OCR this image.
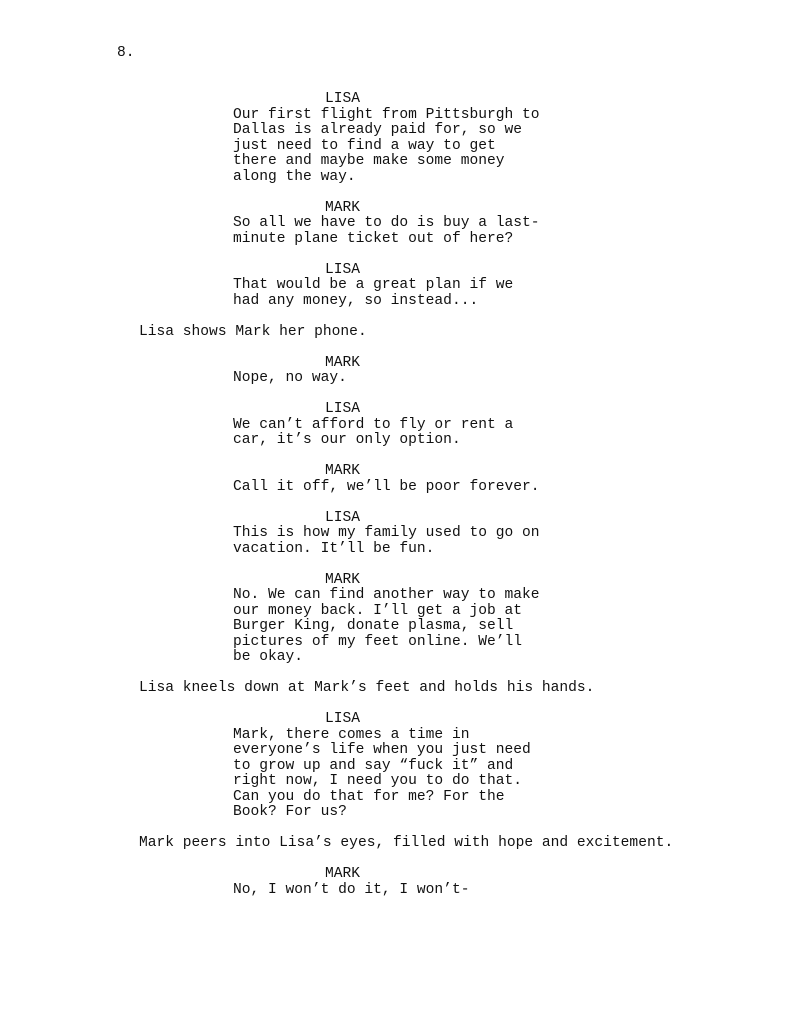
8.
LISA
Our first flight from Pittsburgh to
Dallas is already paid for, so we
just need to find a way to get
there and maybe make some money
along the way.
MARK
So all we have to do is buy a last-
minute plane ticket out of here?
LISA
That would be a great plan if we
had any money, so instead...
Lisa shows Mark her phone.
MARK
Nope, no way.
LISA
We can’t afford to fly or rent a
car, it’s our only option.
MARK
Call it off, we’ll be poor forever.
LISA
This is how my family used to go on
vacation. It’ll be fun.
MARK
No. We can find another way to make
our money back. I’ll get a job at
Burger King, donate plasma, sell
pictures of my feet online. We’ll
be okay.
Lisa kneels down at Mark’s feet and holds his hands.
LISA
Mark, there comes a time in
everyone’s life when you just need
to grow up and say “fuck it” and
right now, I need you to do that.
Can you do that for me? For the
Book? For us?
Mark peers into Lisa’s eyes, filled with hope and excitement.
MARK
No, I won’t do it, I won’t-
